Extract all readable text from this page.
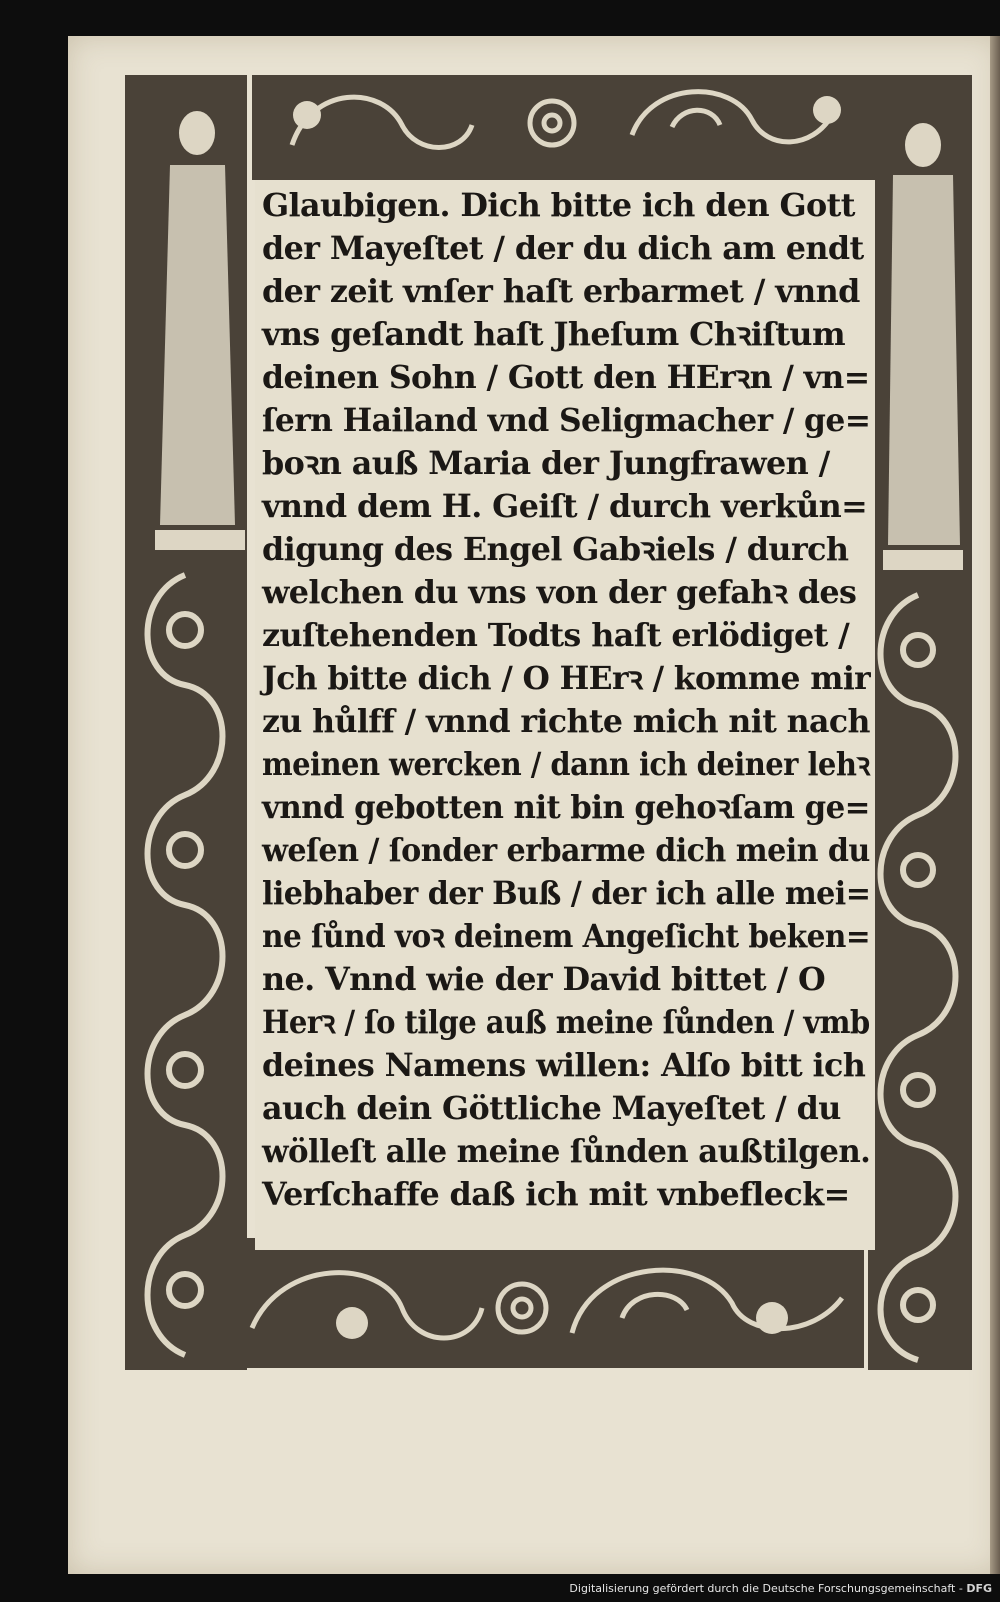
Glaubigen. Dich bitte ich den Gott
der Mayeſtet / der du dich am endt
der zeit vnſer haſt erbarmet / vnnd
vns geſandt haſt Jheſum Chꝛiſtum
deinen Sohn / Gott den HErꝛn / vn=
ſern Hailand vnd Seligmacher / ge=
boꝛn auß Maria der Jungfrawen /
vnnd dem H. Geiſt / durch verkůn=
digung des Engel Gabꝛiels / durch
welchen du vns von der gefahꝛ des
zuſtehenden Todts haſt erlödiget /
Jch bitte dich / O HErꝛ / komme mir
zu hůlff / vnnd richte mich nit nach
meinen wercken / dann ich deiner lehꝛ
vnnd gebotten nit bin gehoꝛſam ge=
weſen / ſonder erbarme dich mein du
liebhaber der Buß / der ich alle mei=
ne ſůnd voꝛ deinem Angeſicht beken=
ne. Vnnd wie der David bittet / O
Herꝛ / ſo tilge auß meine ſůnden / vmb
deines Namens willen: Alſo bitt ich
auch dein Göttliche Mayeſtet / du
wölleſt alle meine ſůnden außtilgen.
Verſchaffe daß ich mit vnbefleck=
Digitalisierung gefördert durch die Deutsche Forschungsgemeinschaft - DFG
